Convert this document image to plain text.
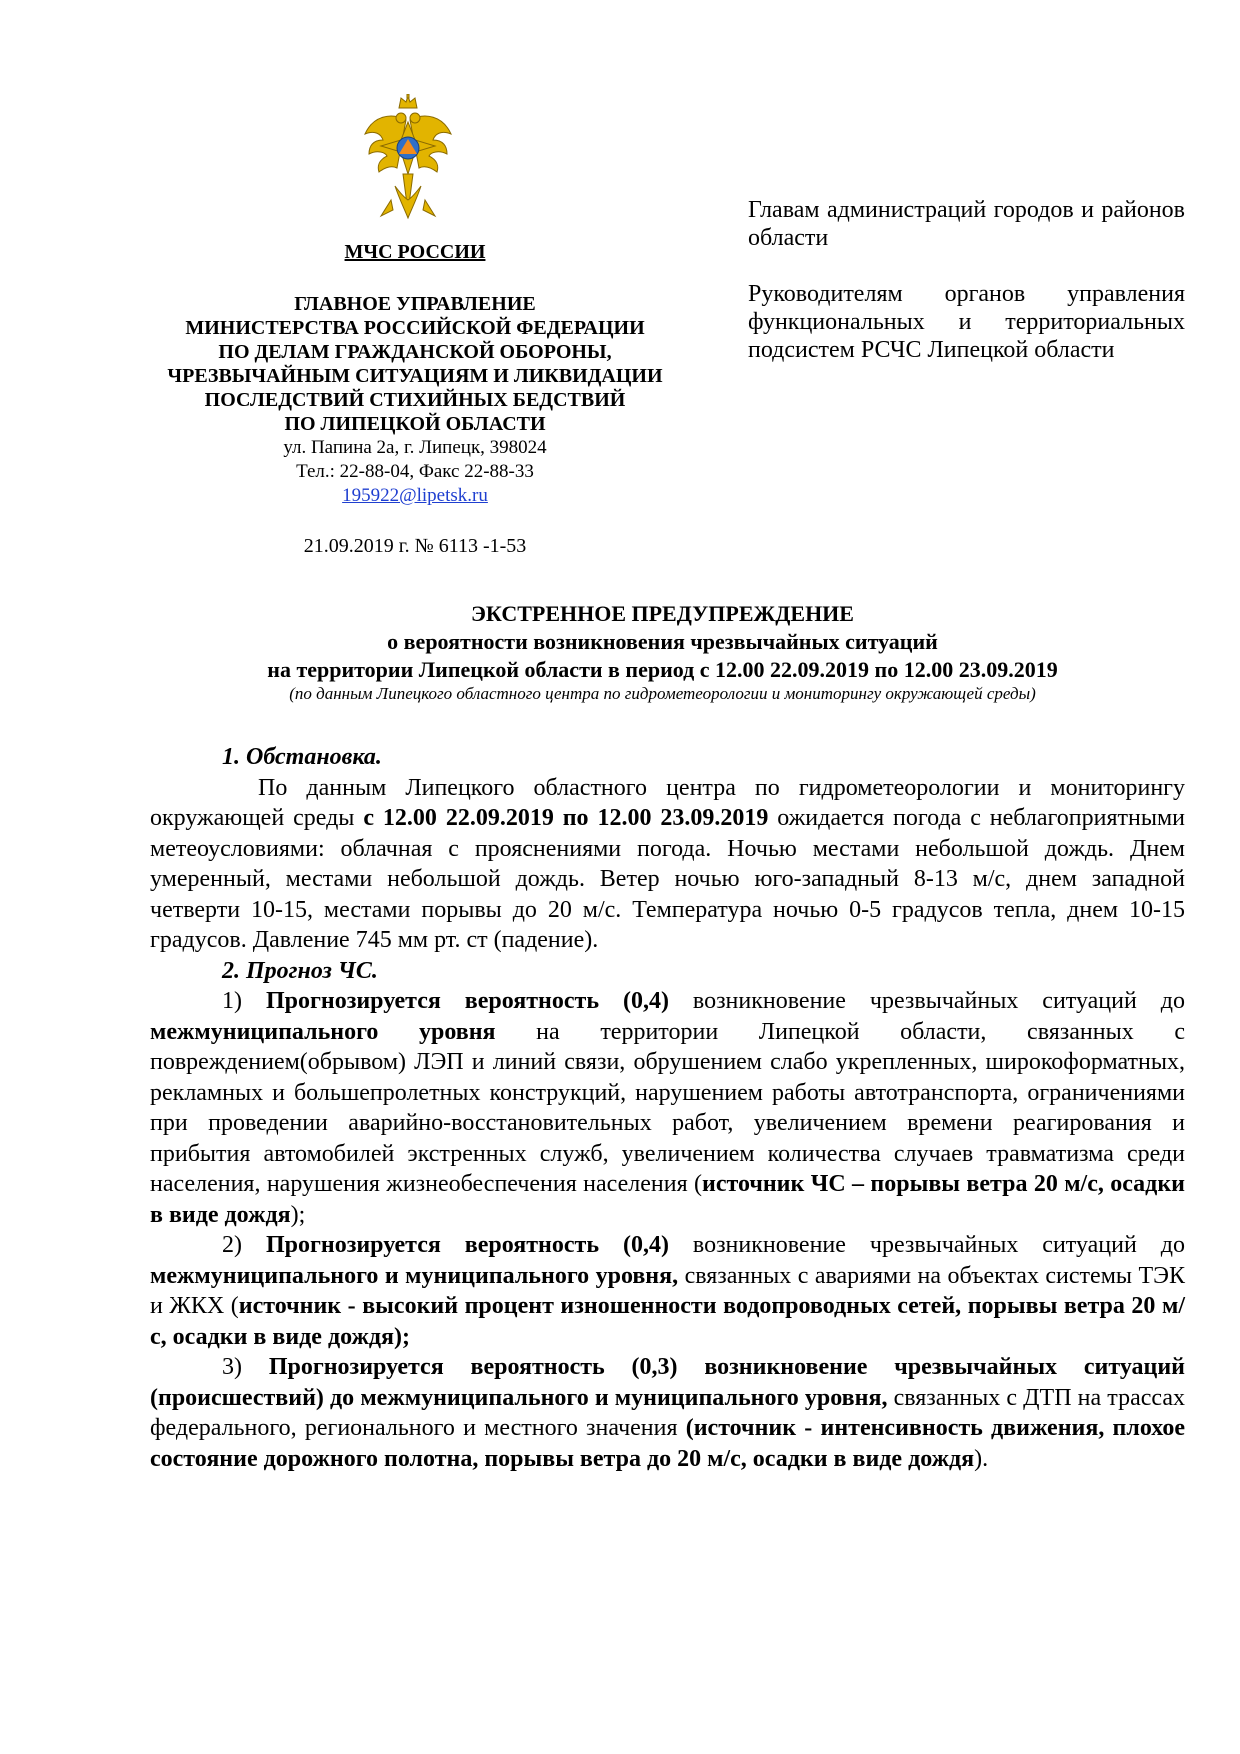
МЧС РОССИИ
ГЛАВНОЕ УПРАВЛЕНИЕ
МИНИСТЕРСТВА РОССИЙСКОЙ ФЕДЕРАЦИИ
ПО ДЕЛАМ ГРАЖДАНСКОЙ ОБОРОНЫ,
ЧРЕЗВЫЧАЙНЫМ СИТУАЦИЯМ И ЛИКВИДАЦИИ
ПОСЛЕДСТВИЙ СТИХИЙНЫХ БЕДСТВИЙ
ПО ЛИПЕЦКОЙ ОБЛАСТИ
ул. Папина 2а, г. Липецк, 398024
Тел.: 22-88-04, Факс 22-88-33
195922@lipetsk.ru
21.09.2019 г. № 6113 -1-53

Главам администраций городов и районов области

Руководителям органов управления функциональных и территориальных подсистем РСЧС Липецкой области

ЭКСТРЕННОЕ ПРЕДУПРЕЖДЕНИЕ
о вероятности возникновения чрезвычайных ситуаций
на территории Липецкой области в период с 12.00 22.09.2019 по 12.00 23.09.2019
(по данным Липецкого областного центра по гидрометеорологии и мониторингу окружающей среды)

1. Обстановка.

По данным Липецкого областного центра по гидрометеорологии и мониторингу окружающей среды с 12.00 22.09.2019 по 12.00 23.09.2019 ожидается погода с неблагоприятными метеоусловиями: облачная с прояснениями погода. Ночью местами небольшой дождь. Днем умеренный, местами небольшой дождь. Ветер ночью юго-западный 8-13 м/с, днем западной четверти 10-15, местами порывы до 20 м/с. Температура ночью 0-5 градусов тепла, днем 10-15 градусов. Давление 745 мм рт. ст (падение).

2. Прогноз ЧС.

1) Прогнозируется вероятность (0,4) возникновение чрезвычайных ситуаций до межмуниципального уровня на территории Липецкой области, связанных с повреждением(обрывом) ЛЭП и линий связи, обрушением слабо укрепленных, широкоформатных, рекламных и большепролетных конструкций, нарушением работы автотранспорта, ограничениями при проведении аварийно-восстановительных работ, увеличением времени реагирования и прибытия автомобилей экстренных служб, увеличением количества случаев травматизма среди населения, нарушения жизнеобеспечения населения (источник ЧС – порывы ветра 20 м/с, осадки в виде дождя);

2) Прогнозируется вероятность (0,4) возникновение чрезвычайных ситуаций до межмуниципального и муниципального уровня, связанных с авариями на объектах системы ТЭК и ЖКХ (источник - высокий процент изношенности водопроводных сетей, порывы ветра 20 м/с, осадки в виде дождя);

3) Прогнозируется вероятность (0,3) возникновение чрезвычайных ситуаций (происшествий) до межмуниципального и муниципального уровня, связанных с ДТП на трассах федерального, регионального и местного значения (источник - интенсивность движения, плохое состояние дорожного полотна, порывы ветра до 20 м/с, осадки в виде дождя).
